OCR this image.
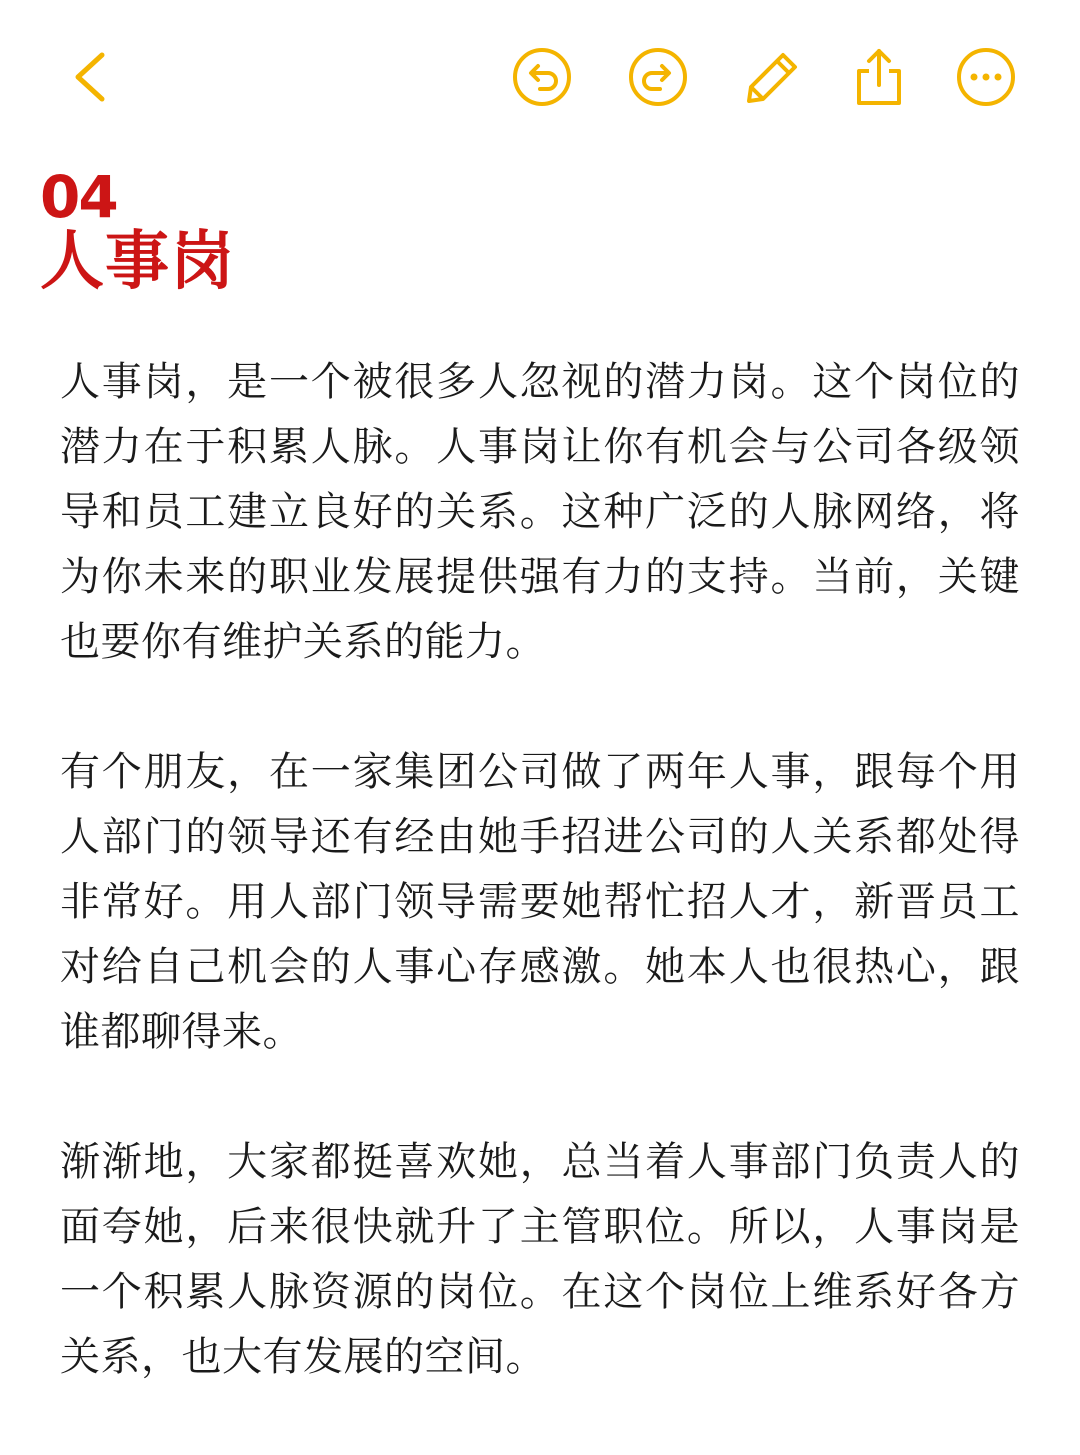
04
人事岗

人事岗，是一个被很多人忽视的潜力岗。这个岗位的潜力在于积累人脉。人事岗让你有机会与公司各级领导和员工建立良好的关系。这种广泛的人脉网络，将为你未来的职业发展提供强有力的支持。当前，关键也要你有维护关系的能力。

有个朋友，在一家集团公司做了两年人事，跟每个用人部门的领导还有经由她手招进公司的人关系都处得非常好。用人部门领导需要她帮忙招人才，新晋员工对给自己机会的人事心存感激。她本人也很热心，跟谁都聊得来。

渐渐地，大家都挺喜欢她，总当着人事部门负责人的面夸她，后来很快就升了主管职位。所以，人事岗是一个积累人脉资源的岗位。在这个岗位上维系好各方关系，也大有发展的空间。
